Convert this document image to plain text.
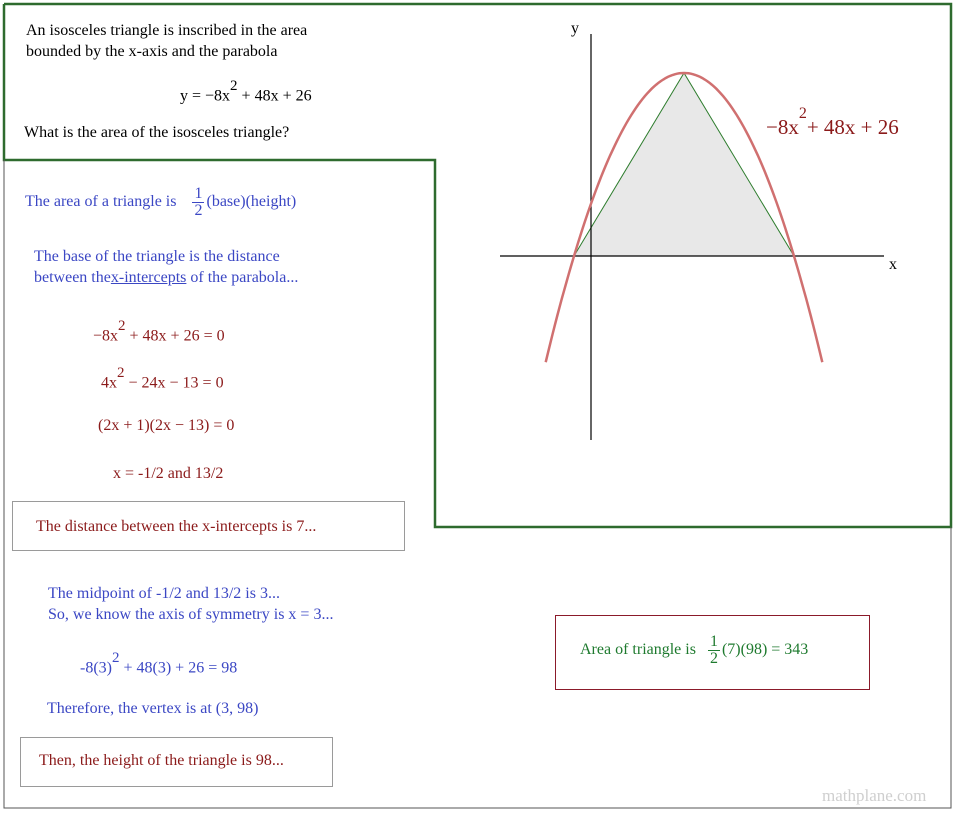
An isosceles triangle is inscribed in the area
bounded by the x-axis and the parabola
$y = -8x^2 + 48x + 26$
What is the area of the isosceles triangle?
y
x
$-8x^2+ 48x + 26$
The area of a triangle is $\frac{1}{2}$ (base)(height)
The base of the triangle is the distance
between thex-intercepts of the parabola...
$-8x^2 + 48x + 26 = 0$
$4x^2 - 24x - 13 = 0$
(2x + 1)(2x − 13) = 0
x = -1/2 and 13/2
The distance between the x-intercepts is 7...
The midpoint of -1/2 and 13/2 is 3...
So, we know the axis of symmetry is x = 3...
$-8(3)^2 + 48(3) + 26 = 98$
Therefore, the vertex is at (3, 98)
Then, the height of the triangle is 98...
Area of triangle is $\frac{1}{2} (7)(98) = 343$
mathplane.com
